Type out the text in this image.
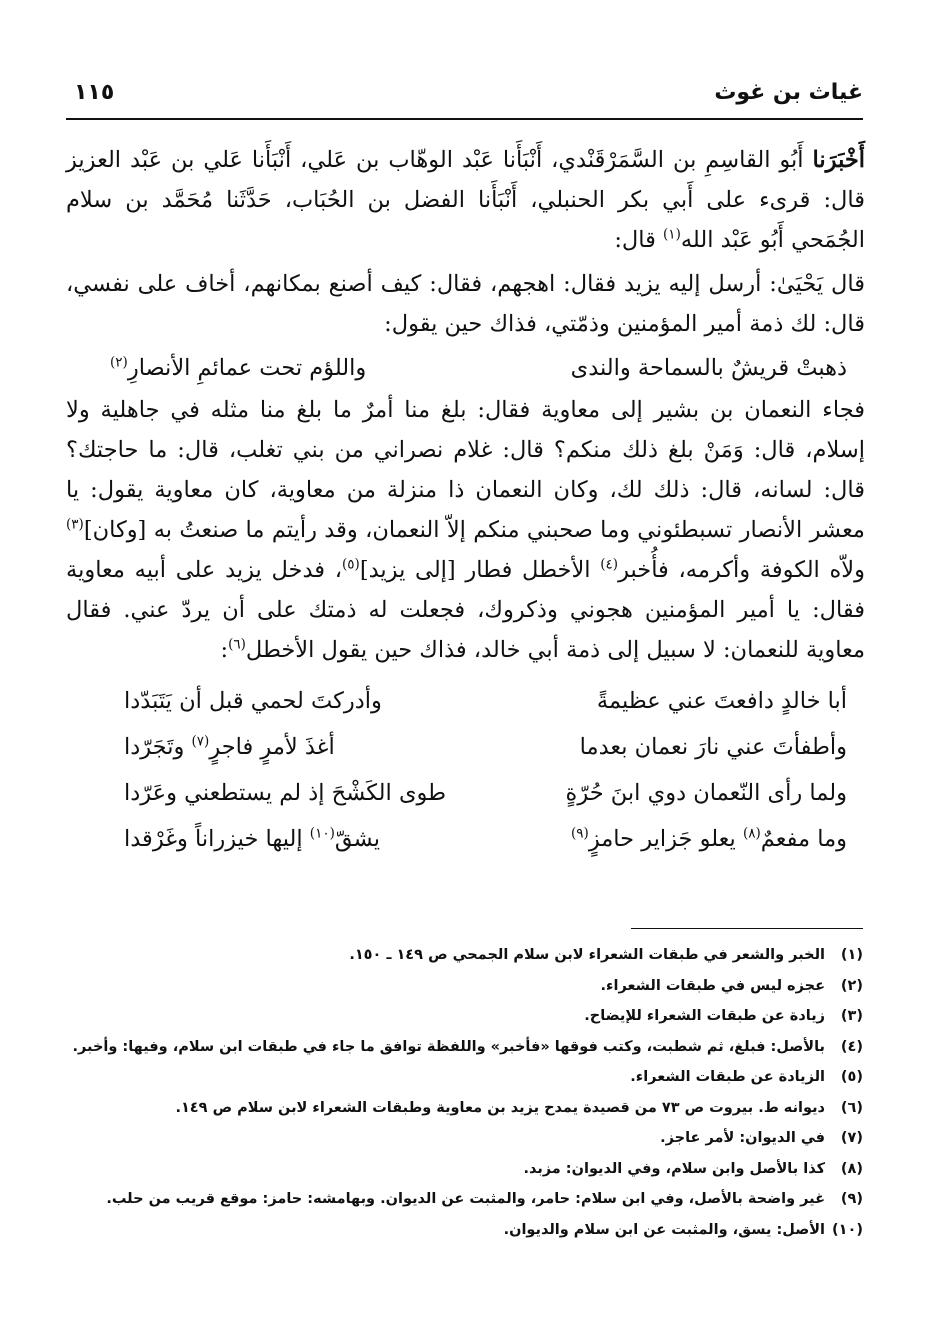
غياث بن غوث
١١٥

أَخْبَرَنا أَبُو القاسِمِ بن السَّمَرْقَنْدي، أَنْبَأَنا عَبْد الوهّاب بن عَلي، أَنْبَأَنا عَلي بن عَبْد العزيز قال: قرىء على أَبي بكر الحنبلي، أَنْبَأَنا الفضل بن الحُبَاب، حَدَّثَنا مُحَمَّد بن سلام الجُمَحي أَبُو عَبْد الله$^{(١)}$ قال:

قال يَحْيَىٰ: أرسل إليه يزيد فقال: اهجهم، فقال: كيف أصنع بمكانهم، أخاف على نفسي، قال: لك ذمة أمير المؤمنين وذمّتي، فذاك حين يقول:

ذهبتْ قريشٌ بالسماحة والندى
واللؤم تحت عمائمِ الأنصارِ$^{(٢)}$

فجاء النعمان بن بشير إلى معاوية فقال: بلغ منا أمرٌ ما بلغ منا مثله في جاهلية ولا إسلام، قال: وَمَنْ بلغ ذلك منكم؟ قال: غلام نصراني من بني تغلب، قال: ما حاجتك؟ قال: لسانه، قال: ذلك لك، وكان النعمان ذا منزلة من معاوية، كان معاوية يقول: يا معشر الأنصار تسبطئوني وما صحبني منكم إلاّ النعمان، وقد رأيتم ما صنعتُ به [وكان]$^{(٣)}$ ولاّه الكوفة وأكرمه، فأُخبر$^{(٤)}$ الأخطل فطار [إلى يزيد]$^{(٥)}$، فدخل يزيد على أبيه معاوية فقال: يا أمير المؤمنين هجوني وذكروك، فجعلت له ذمتك على أن يردّ عني. فقال معاوية للنعمان: لا سبيل إلى ذمة أبي خالد، فذاك حين يقول الأخطل$^{(٦)}$:

أبا خالدٍ دافعتَ عني عظيمةً
وأدركتَ لحمي قبل أن يَتَبَدّدا
وأطفأتَ عني نارَ نعمان بعدما
أغذَ لأمرٍ فاجرٍ$^{(٧)}$ وتَجَرّدا
ولما رأى النّعمان دوي ابنَ حُرّةٍ
طوى الكَشْحَ إذ لم يستطعني وعَرّدا
وما مفعمٌ$^{(٨)}$ يعلو جَزاير حامزٍ$^{(٩)}$
يشقّ$^{(١٠)}$ إليها خيزراناً وغَرْقدا
(١)
الخبر والشعر في طبقات الشعراء لابن سلام الجمحي ص ١٤٩ ـ ١٥٠.
(٢)
عجزه ليس في طبقات الشعراء.
(٣)
زيادة عن طبقات الشعراء للإيضاح.
(٤)
بالأصل: فبلغ، ثم شطبت، وكتب فوقها «فأخبر» واللفظة توافق ما جاء في طبقات ابن سلام، وفيها: وأخبر.
(٥)
الزيادة عن طبقات الشعراء.
(٦)
ديوانه ط. بيروت ص ٧٣ من قصيدة يمدح يزيد بن معاوية وطبقات الشعراء لابن سلام ص ١٤٩.
(٧)
في الديوان: لأمر عاجز.
(٨)
كذا بالأصل وابن سلام، وفي الديوان: مزبد.
(٩)
غير واضحة بالأصل، وفي ابن سلام: حامر، والمثبت عن الديوان. وبهامشه: حامز: موقع قريب من حلب.
(١٠)
الأصل: يسق، والمثبت عن ابن سلام والديوان.
